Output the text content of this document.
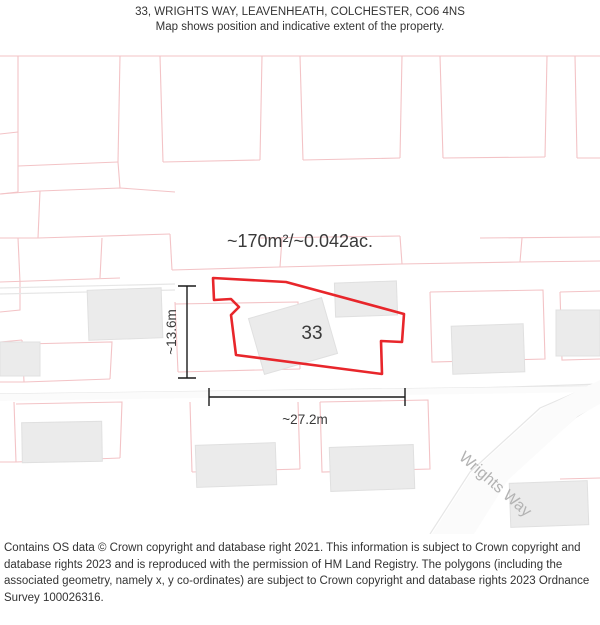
33, WRIGHTS WAY, LEAVENHEATH, COLCHESTER, CO6 4NS
Map shows position and indicative extent of the property.
~170m²/~0.042ac.
33
~13.6m
~27.2m
Wrights Way
Contains OS data © Crown copyright and database right 2021. This information is subject to Crown copyright and database rights 2023 and is reproduced with the permission of HM Land Registry. The polygons (including the associated geometry, namely x, y co-ordinates) are subject to Crown copyright and database rights 2023 Ordnance Survey 100026316.
